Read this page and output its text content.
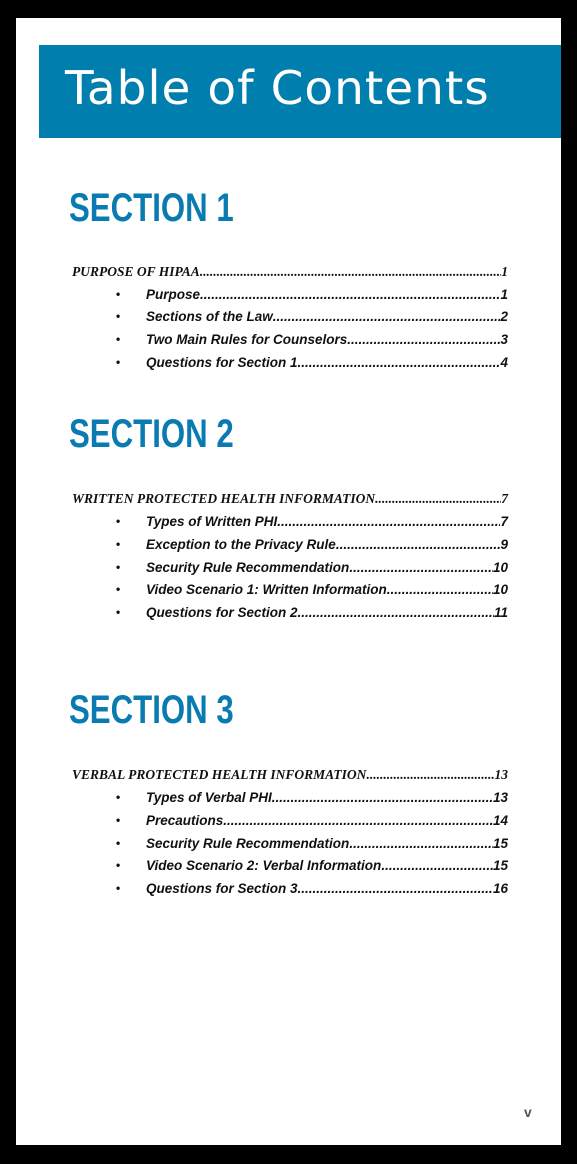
Table of Contents
SECTION 1
PURPOSE OF HIPAA .....	1
• Purpose .....	1
• Sections of the Law .....	2
• Two Main Rules for Counselors .....	3
• Questions for Section 1 .....	4
SECTION 2
WRITTEN PROTECTED HEALTH INFORMATION .....	7
• Types of Written PHI .....	7
• Exception to the Privacy Rule .....	9
• Security Rule Recommendation .....	10
• Video Scenario 1: Written Information .....	10
• Questions for Section 2 .....	11
SECTION 3
VERBAL PROTECTED HEALTH INFORMATION .....	13
• Types of Verbal PHI .....	13
• Precautions .....	14
• Security Rule Recommendation .....	15
• Video Scenario 2: Verbal Information .....	15
• Questions for Section 3 .....	16
v
